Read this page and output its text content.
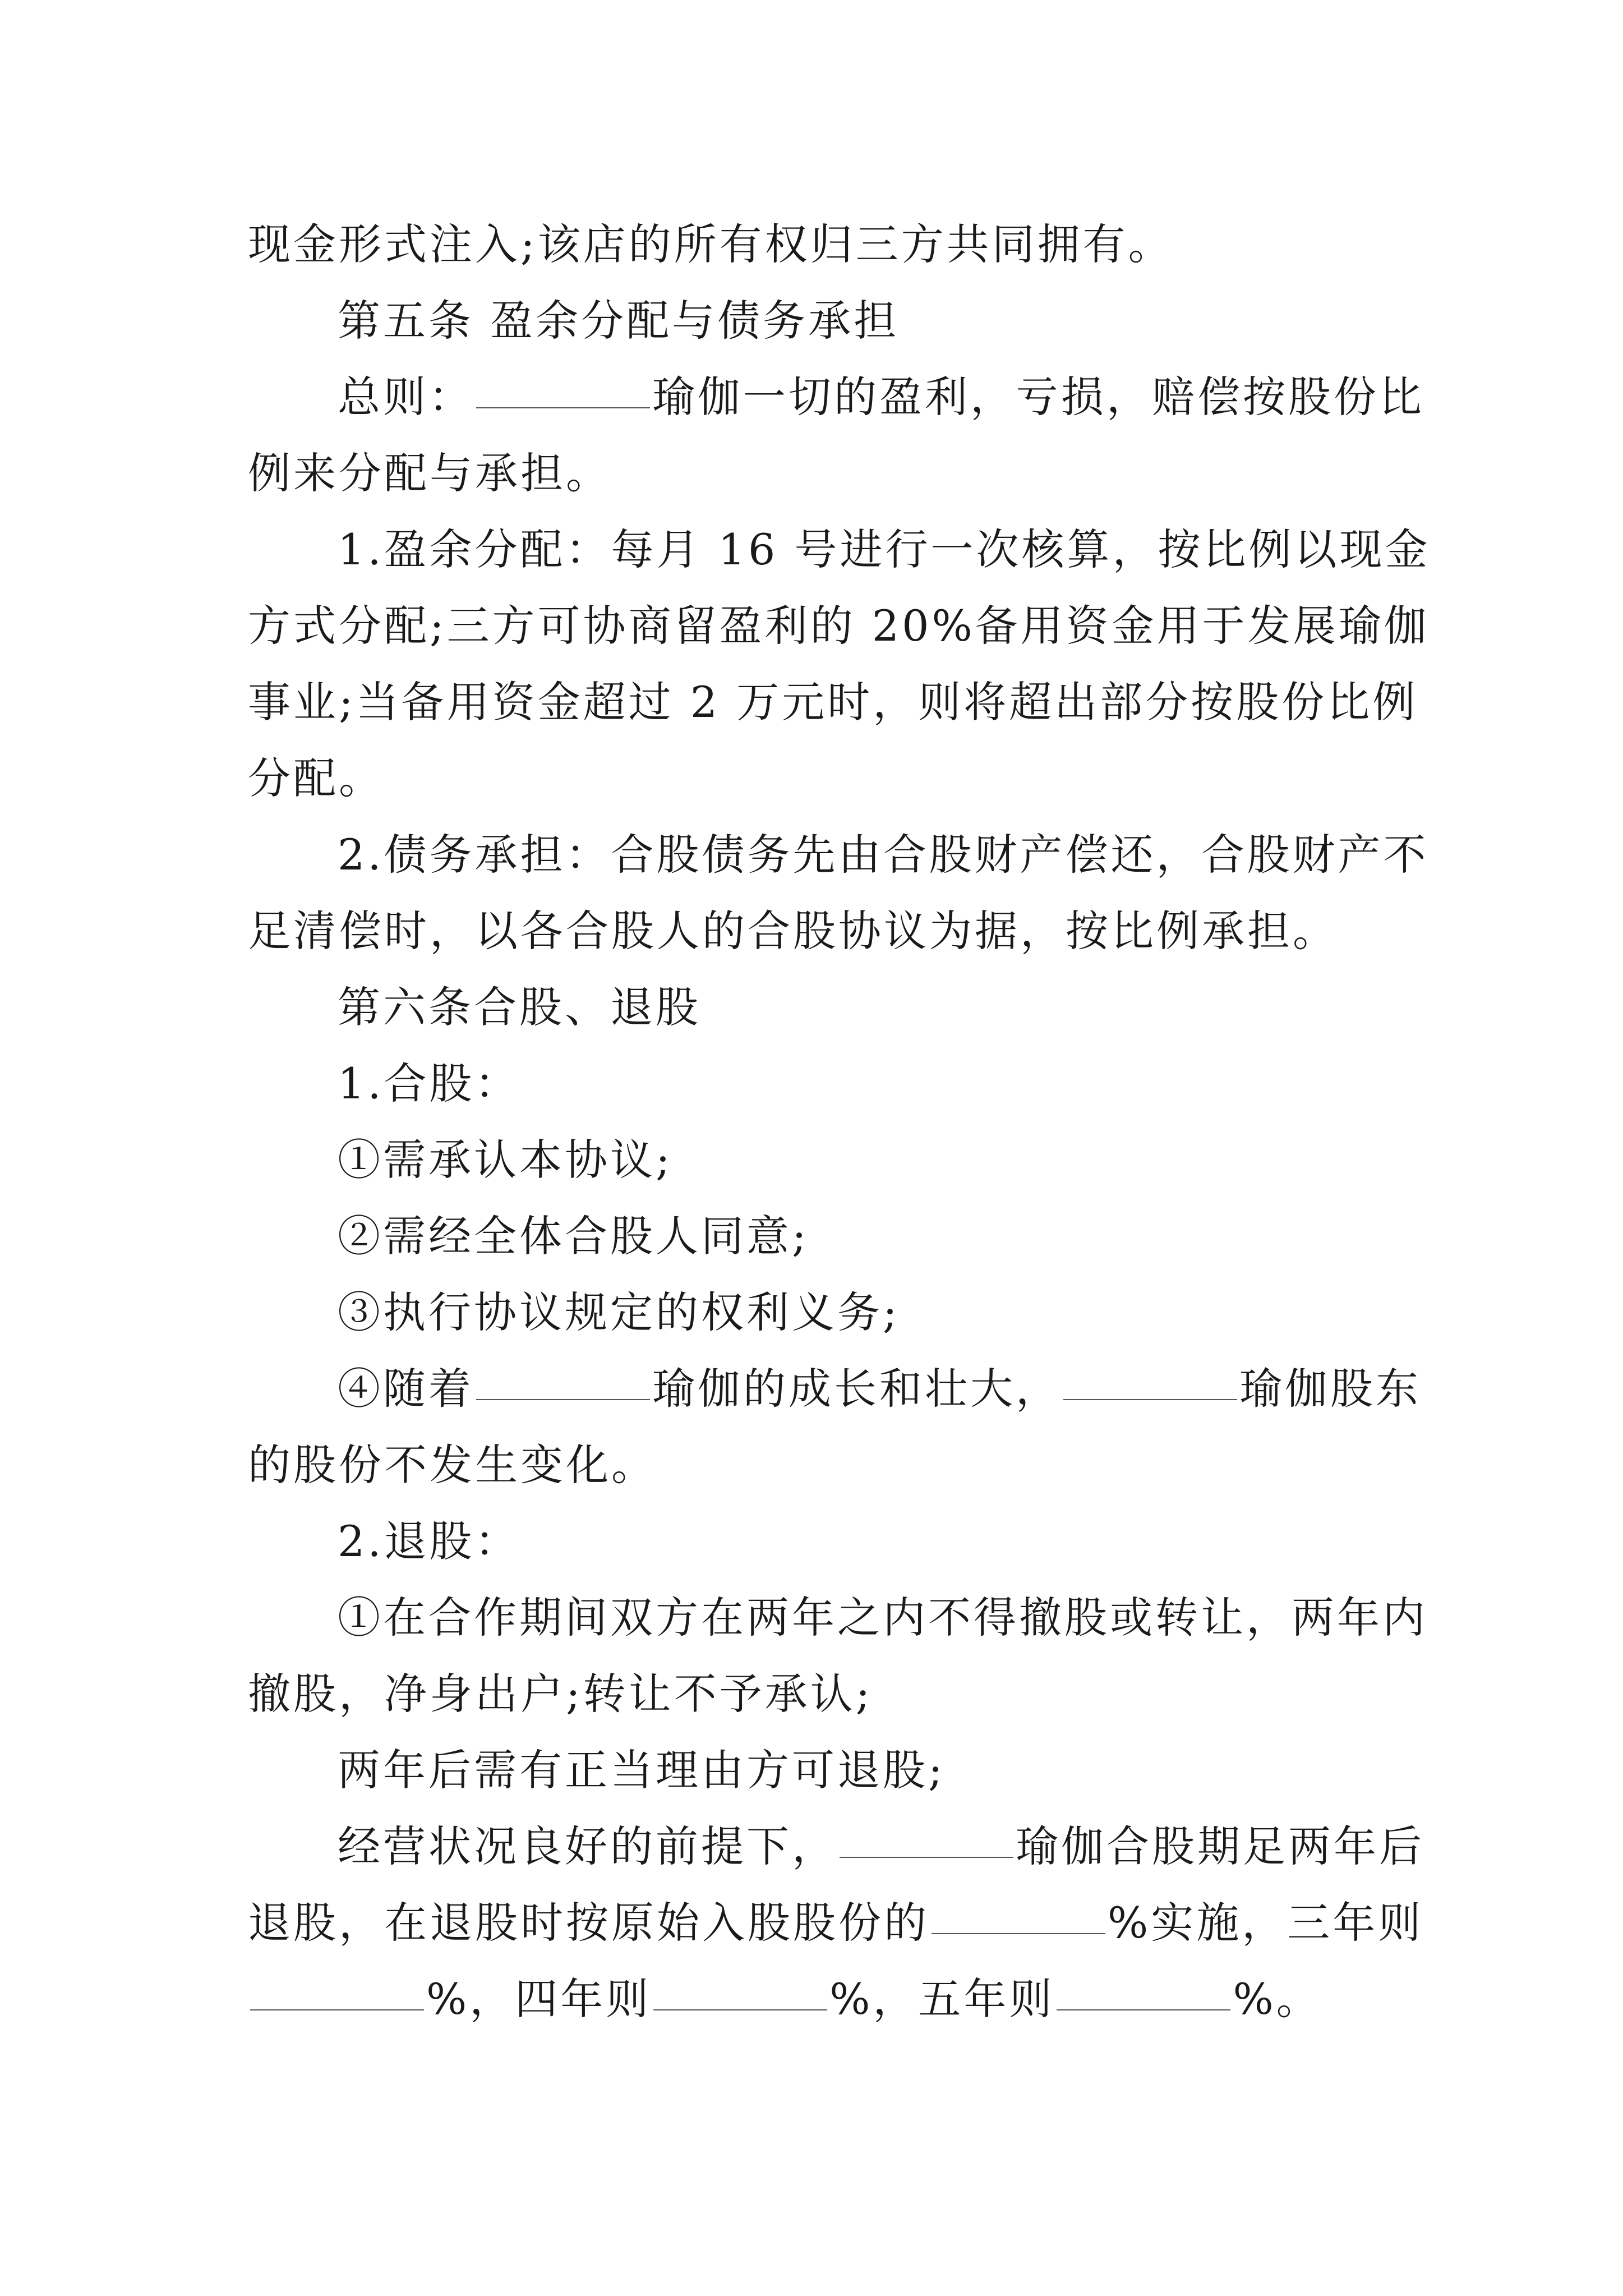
现金形式注入;该店的所有权归三方共同拥有。
第五条 盈余分配与债务承担
总则：	瑜伽一切的盈利，亏损，赔偿按股份比
例来分配与承担。
1.盈余分配：每月 16 号进行一次核算，按比例以现金
方式分配;三方可协商留盈利的 20%备用资金用于发展瑜伽
事业;当备用资金超过 2 万元时，则将超出部分按股份比例
分配。
2.债务承担：合股债务先由合股财产偿还，合股财产不
足清偿时，以各合股人的合股协议为据，按比例承担。
第六条合股、退股
1.合股：
①需承认本协议;
②需经全体合股人同意;
③执行协议规定的权利义务;
④随着	瑜伽的成长和壮大，	瑜伽股东
的股份不发生变化。
2.退股：
①在合作期间双方在两年之内不得撤股或转让，两年内
撤股，净身出户;转让不予承认;
两年后需有正当理由方可退股;
经营状况良好的前提下，	瑜伽合股期足两年后
退股，在退股时按原始入股股份的	%实施，三年则
%，四年则	%，五年则	%。
